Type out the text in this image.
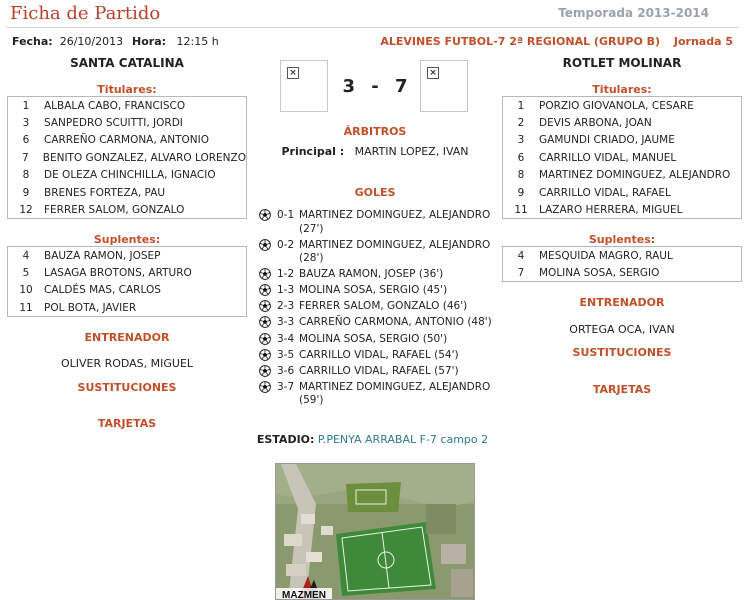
Ficha de Partido	Temporada 2013-2014
Fecha: 26/10/2013 Hora: 12:15 h	ALEVINES FUTBOL-7 2ª REGIONAL (GRUPO B) Jornada 5
SANTA CATALINA	ROTLET MOLINAR
×
3 - 7
×
Titulares:
1	ALBALA CABO, FRANCISCO
3	SANPEDRO SCUITTI, JORDI
6	CARREÑO CARMONA, ANTONIO
7	BENITO GONZALEZ, ALVARO LORENZO
8	DE OLEZA CHINCHILLA, IGNACIO
9	BRENES FORTEZA, PAU
12	FERRER SALOM, GONZALO
Suplentes:
4	BAUZA RAMON, JOSEP
5	LASAGA BROTONS, ARTURO
10	CALDÉS MAS, CARLOS
11	POL BOTA, JAVIER
ENTRENADOR
OLIVER RODAS, MIGUEL
SUSTITUCIONES
TARJETAS
Titulares:
1	PORZIO GIOVANOLA, CESARE
2	DEVIS ARBONA, JOAN
3	GAMUNDI CRIADO, JAUME
6	CARRILLO VIDAL, MANUEL
8	MARTINEZ DOMINGUEZ, ALEJANDRO
9	CARRILLO VIDAL, RAFAEL
11	LAZARO HERRERA, MIGUEL
Suplentes:
4	MESQUIDA MAGRO, RAUL
7	MOLINA SOSA, SERGIO
ENTRENADOR
ORTEGA OCA, IVAN
SUSTITUCIONES
TARJETAS
ÁRBITROS
Principal : MARTIN LOPEZ, IVAN
GOLES
0-1 MARTINEZ DOMINGUEZ, ALEJANDRO (27')
0-2 MARTINEZ DOMINGUEZ, ALEJANDRO (28')
1-2 BAUZA RAMON, JOSEP (36')
1-3 MOLINA SOSA, SERGIO (45')
2-3 FERRER SALOM, GONZALO (46')
3-3 CARREÑO CARMONA, ANTONIO (48')
3-4 MOLINA SOSA, SERGIO (50')
3-5 CARRILLO VIDAL, RAFAEL (54')
3-6 CARRILLO VIDAL, RAFAEL (57')
3-7 MARTINEZ DOMINGUEZ, ALEJANDRO (59')
ESTADIO: P.PENYA ARRABAL F-7 campo 2
MAZMEN
